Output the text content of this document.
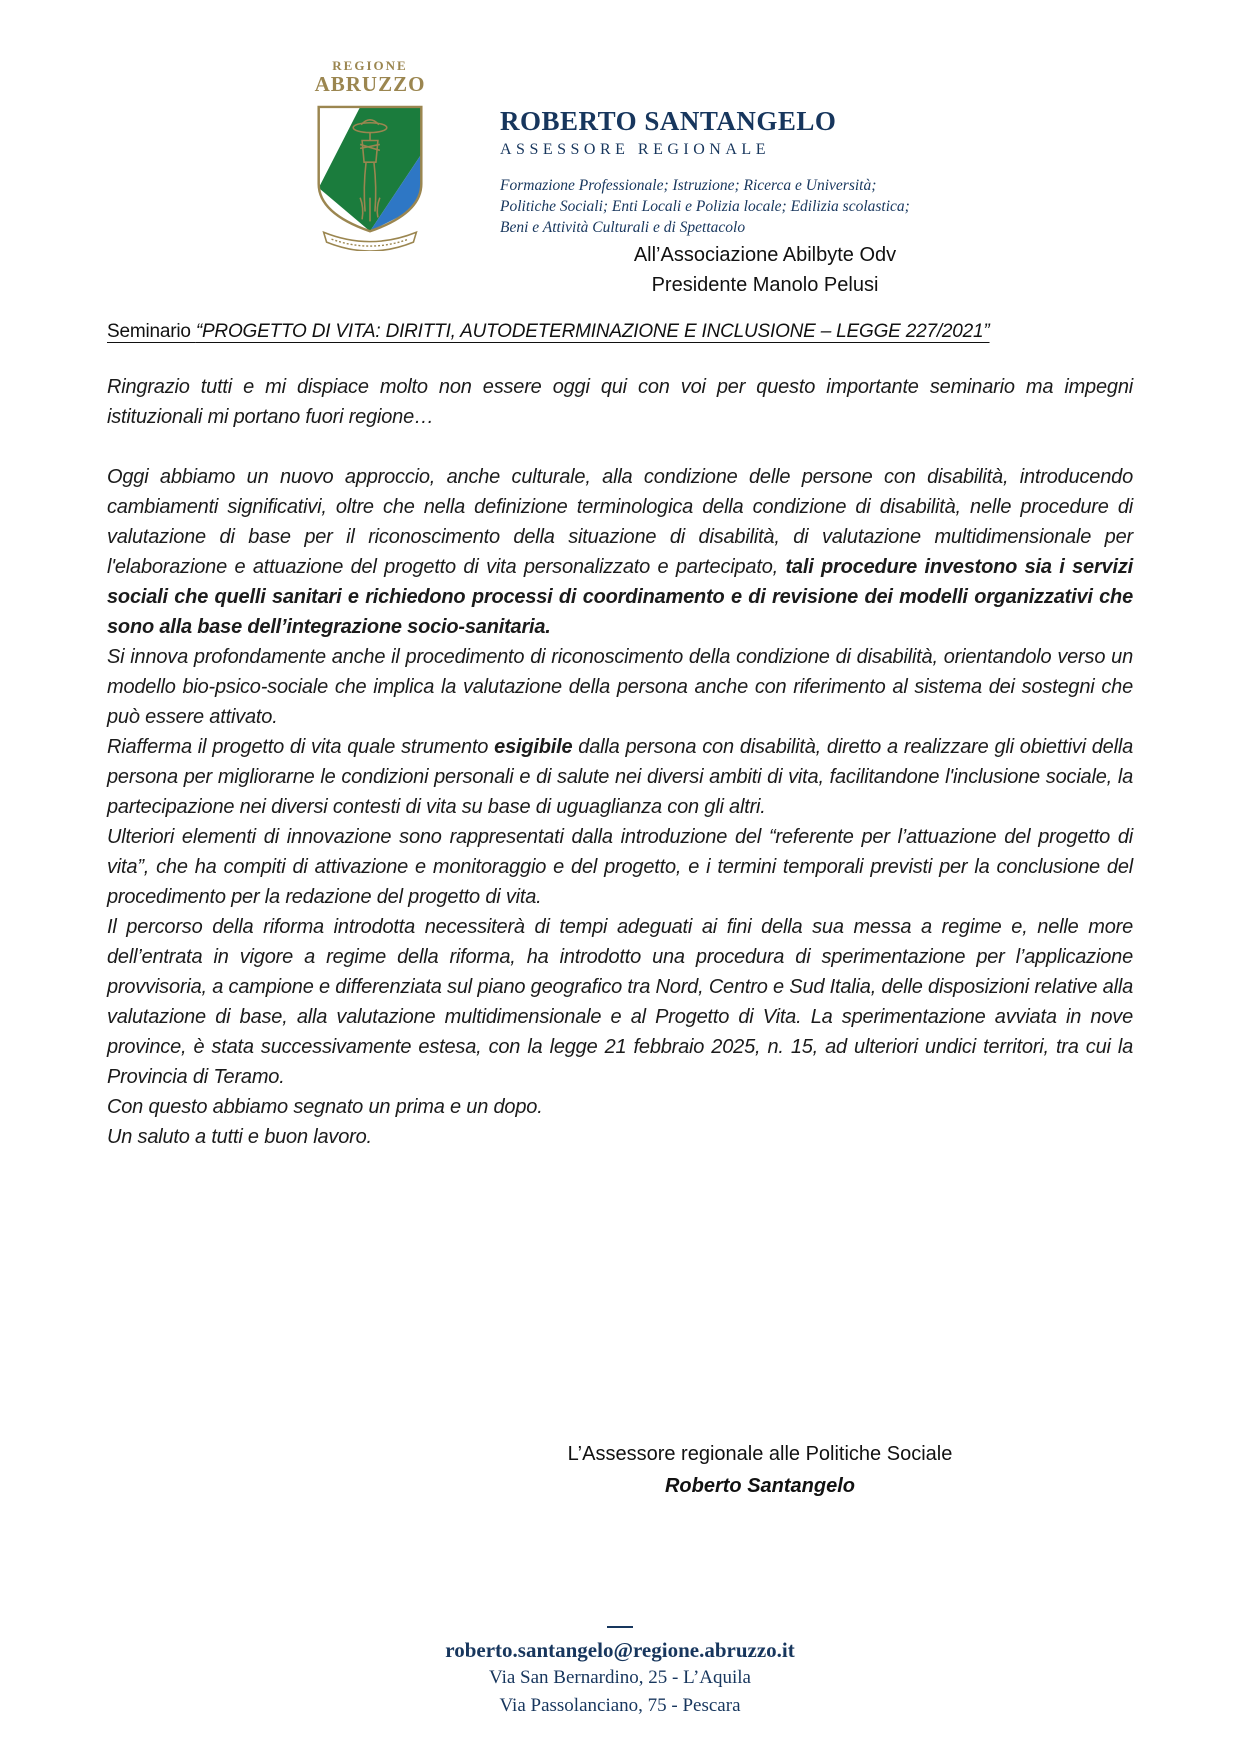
REGIONE
ABRUZZO
ROBERTO SANTANGELO
ASSESSORE REGIONALE
Formazione Professionale; Istruzione; Ricerca e Università;
Politiche Sociali; Enti Locali e Polizia locale; Edilizia scolastica;
Beni e Attività Culturali e di Spettacolo
All’Associazione Abilbyte Odv
Presidente Manolo Pelusi
Seminario “PROGETTO DI VITA: DIRITTI, AUTODETERMINAZIONE E INCLUSIONE – LEGGE 227/2021”

Ringrazio tutti e mi dispiace molto non essere oggi qui con voi per questo importante seminario ma impegni istituzionali mi portano fuori regione…

Oggi abbiamo un nuovo approccio, anche culturale, alla condizione delle persone con disabilità, introducendo cambiamenti significativi, oltre che nella definizione terminologica della condizione di disabilità, nelle procedure di valutazione di base per il riconoscimento della situazione di disabilità, di valutazione multidimensionale per l'elaborazione e attuazione del progetto di vita personalizzato e partecipato, tali procedure investono sia i servizi sociali che quelli sanitari e richiedono processi di coordinamento e di revisione dei modelli organizzativi che sono alla base dell’integrazione socio-sanitaria.

Si innova profondamente anche il procedimento di riconoscimento della condizione di disabilità, orientandolo verso un modello bio-psico-sociale che implica la valutazione della persona anche con riferimento al sistema dei sostegni che può essere attivato.

Riafferma il progetto di vita quale strumento esigibile dalla persona con disabilità, diretto a realizzare gli obiettivi della persona per migliorarne le condizioni personali e di salute nei diversi ambiti di vita, facilitandone l'inclusione sociale, la partecipazione nei diversi contesti di vita su base di uguaglianza con gli altri.

Ulteriori elementi di innovazione sono rappresentati dalla introduzione del “referente per l’attuazione del progetto di vita”, che ha compiti di attivazione e monitoraggio e del progetto, e i termini temporali previsti per la conclusione del procedimento per la redazione del progetto di vita.

Il percorso della riforma introdotta necessiterà di tempi adeguati ai fini della sua messa a regime e, nelle more dell’entrata in vigore a regime della riforma, ha introdotto una procedura di sperimentazione per l’applicazione provvisoria, a campione e differenziata sul piano geografico tra Nord, Centro e Sud Italia, delle disposizioni relative alla valutazione di base, alla valutazione multidimensionale e al Progetto di Vita. La sperimentazione avviata in nove province, è stata successivamente estesa, con la legge 21 febbraio 2025, n. 15, ad ulteriori undici territori, tra cui la Provincia di Teramo.

Con questo abbiamo segnato un prima e un dopo.

Un saluto a tutti e buon lavoro.

L’Assessore regionale alle Politiche Sociale
Roberto Santangelo
roberto.santangelo@regione.abruzzo.it
Via San Bernardino, 25 - L’Aquila
Via Passolanciano, 75 - Pescara
